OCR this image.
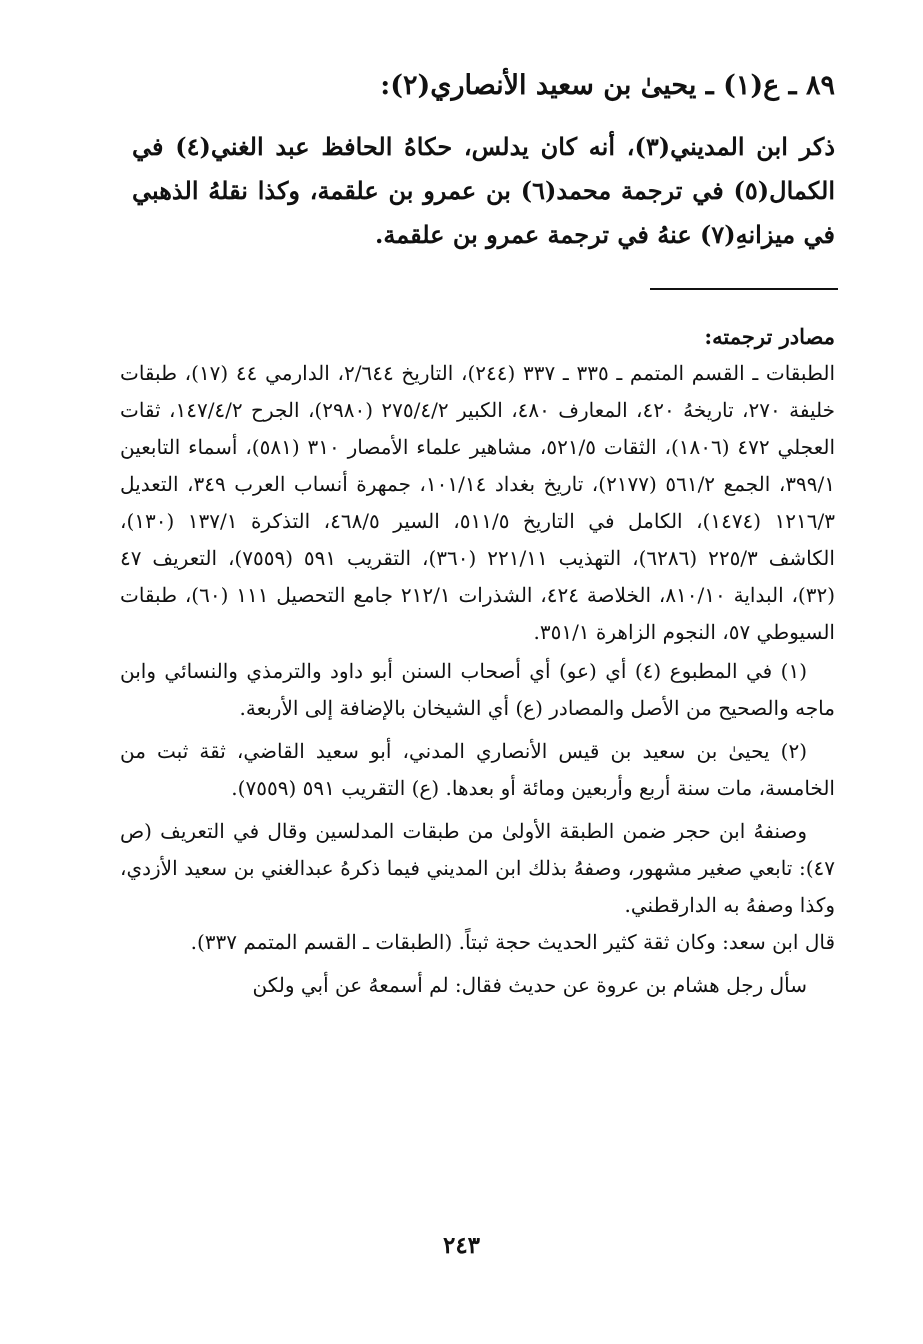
٨٩ ـ ع(١) ـ يحيىٰ بن سعيد الأنصاري(٢):

ذكر ابن المديني(٣)، أنه كان يدلس، حكاهُ الحافظ عبد الغني(٤) في الكمال(٥) في ترجمة محمد(٦) بن عمرو بن علقمة، وكذا نقلهُ الذهبي في ميزانهِ(٧) عنهُ في ترجمة عمرو بن علقمة.

مصادر ترجمته:

الطبقات ـ القسم المتمم ـ ٣٣٥ ـ ٣٣٧ (٢٤٤)، التاريخ ٢/٦٤٤، الدارمي ٤٤ (١٧)، طبقات خليفة ٢٧٠، تاريخهُ ٤٢٠، المعارف ٤٨٠، الكبير ٢٧٥/٤/٢ (٢٩٨٠)، الجرح ١٤٧/٤/٢، ثقات العجلي ٤٧٢ (١٨٠٦)، الثقات ٥٢١/٥، مشاهير علماء الأمصار ٣١٠ (٥٨١)، أسماء التابعين ٣٩٩/١، الجمع ٥٦١/٢ (٢١٧٧)، تاريخ بغداد ١٠١/١٤، جمهرة أنساب العرب ٣٤٩، التعديل ١٢١٦/٣ (١٤٧٤)، الكامل في التاريخ ٥١١/٥، السير ٤٦٨/٥، التذكرة ١٣٧/١ (١٣٠)، الكاشف ٢٢٥/٣ (٦٢٨٦)، التهذيب ٢٢١/١١ (٣٦٠)، التقريب ٥٩١ (٧٥٥٩)، التعريف ٤٧ (٣٢)، البداية ٨١٠/١٠، الخلاصة ٤٢٤، الشذرات ٢١٢/١ جامع التحصيل ١١١ (٦٠)، طبقات السيوطي ٥٧، النجوم الزاهرة ٣٥١/١.

(١) في المطبوع (٤) أي (عو) أي أصحاب السنن أبو داود والترمذي والنسائي وابن ماجه والصحيح من الأصل والمصادر (ع) أي الشيخان بالإضافة إلى الأربعة.

(٢) يحيىٰ بن سعيد بن قيس الأنصاري المدني، أبو سعيد القاضي، ثقة ثبت من الخامسة، مات سنة أربع وأربعين ومائة أو بعدها. (ع) التقريب ٥٩١ (٧٥٥٩).

وصنفهُ ابن حجر ضمن الطبقة الأولىٰ من طبقات المدلسين وقال في التعريف (ص ٤٧): تابعي صغير مشهور، وصفهُ بذلك ابن المديني فيما ذكرهُ عبدالغني بن سعيد الأزدي، وكذا وصفهُ به الدارقطني.

قال ابن سعد: وكان ثقة كثير الحديث حجة ثبتاً. (الطبقات ـ القسم المتمم ٣٣٧).

سأل رجل هشام بن عروة عن حديث فقال: لم أسمعهُ عن أبي ولكن

٢٤٣
